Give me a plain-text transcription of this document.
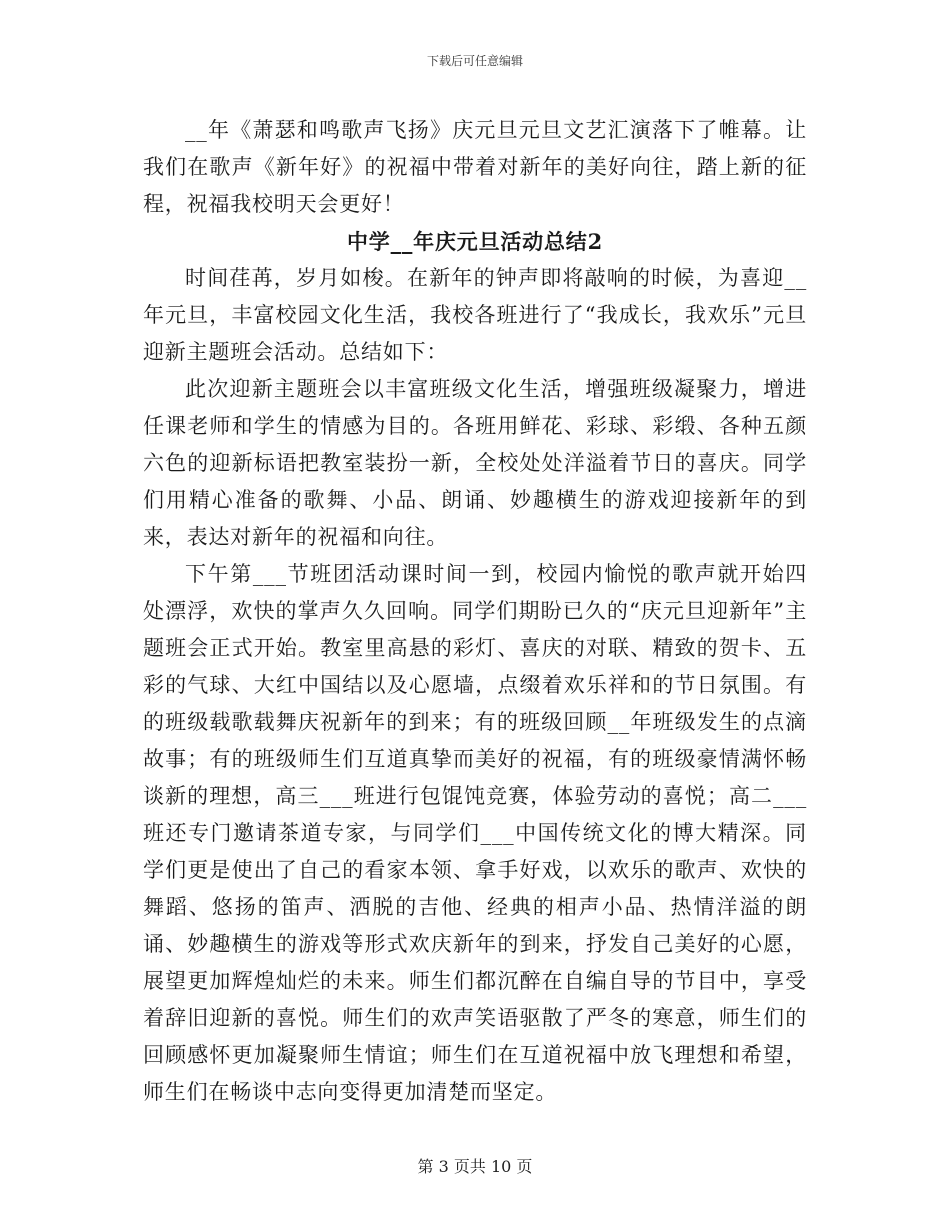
下载后可任意编辑

__年《萧瑟和鸣歌声飞扬》庆元旦元旦文艺汇演落下了帷幕。让我们在歌声《新年好》的祝福中带着对新年的美好向往，踏上新的征程，祝福我校明天会更好！

中学__年庆元旦活动总结2

时间荏苒，岁月如梭。在新年的钟声即将敲响的时候，为喜迎__年元旦，丰富校园文化生活，我校各班进行了“我成长，我欢乐”元旦迎新主题班会活动。总结如下：

此次迎新主题班会以丰富班级文化生活，增强班级凝聚力，增进任课老师和学生的情感为目的。各班用鲜花、彩球、彩缎、各种五颜六色的迎新标语把教室装扮一新，全校处处洋溢着节日的喜庆。同学们用精心准备的歌舞、小品、朗诵、妙趣横生的游戏迎接新年的到来，表达对新年的祝福和向往。

下午第___节班团活动课时间一到，校园内愉悦的歌声就开始四处漂浮，欢快的掌声久久回响。同学们期盼已久的“庆元旦迎新年”主题班会正式开始。教室里高悬的彩灯、喜庆的对联、精致的贺卡、五彩的气球、大红中国结以及心愿墙，点缀着欢乐祥和的节日氛围。有的班级载歌载舞庆祝新年的到来；有的班级回顾__年班级发生的点滴故事；有的班级师生们互道真挚而美好的祝福，有的班级豪情满怀畅谈新的理想，高三___班进行包馄饨竞赛，体验劳动的喜悦；高二___班还专门邀请茶道专家，与同学们___中国传统文化的博大精深。同学们更是使出了自己的看家本领、拿手好戏，以欢乐的歌声、欢快的舞蹈、悠扬的笛声、洒脱的吉他、经典的相声小品、热情洋溢的朗诵、妙趣横生的游戏等形式欢庆新年的到来，抒发自己美好的心愿，展望更加辉煌灿烂的未来。师生们都沉醉在自编自导的节目中，享受着辞旧迎新的喜悦。师生们的欢声笑语驱散了严冬的寒意，师生们的回顾感怀更加凝聚师生情谊；师生们在互道祝福中放飞理想和希望，师生们在畅谈中志向变得更加清楚而坚定。

第 3 页共 10 页
